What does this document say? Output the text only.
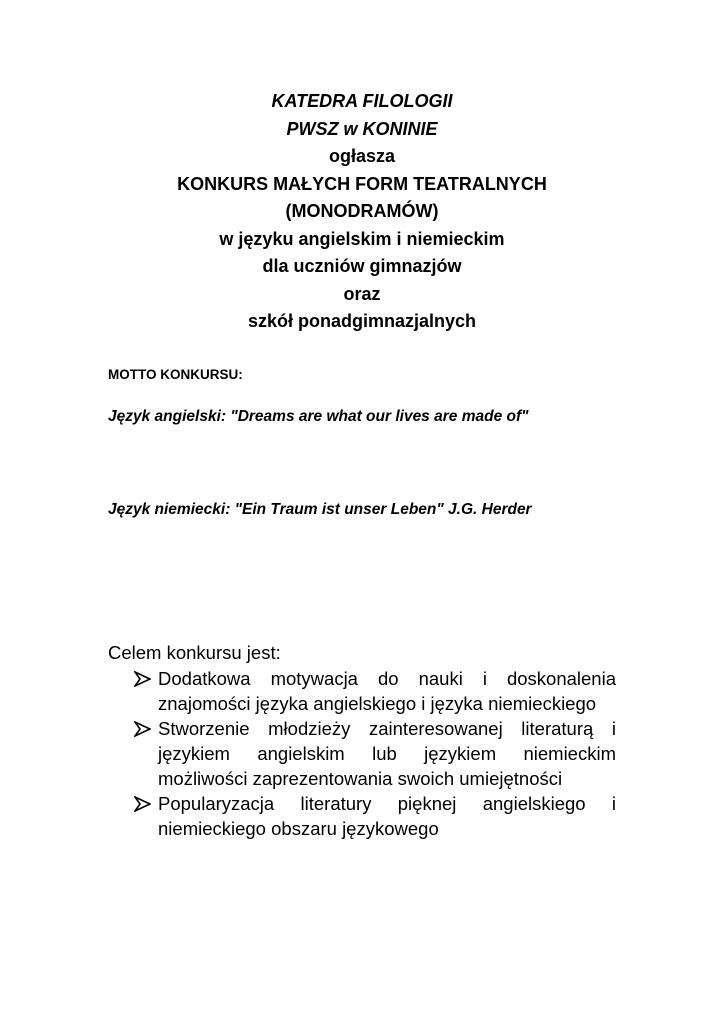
KATEDRA FILOLOGII
PWSZ w KONINIE
ogłasza
KONKURS MAŁYCH FORM TEATRALNYCH
(MONODRAMÓW)
w języku angielskim i niemieckim
dla uczniów gimnazjów
oraz
szkół ponadgimnazjalnych
MOTTO KONKURSU:
Język angielski: "Dreams are what our lives are made of"
Język niemiecki: "Ein Traum ist unser Leben" J.G. Herder
Celem konkursu jest:
Dodatkowa motywacja do nauki i doskonalenia znajomości języka angielskiego i języka niemieckiego
Stworzenie młodzieży zainteresowanej literaturą i językiem angielskim lub językiem niemieckim możliwości zaprezentowania swoich umiejętności
Popularyzacja literatury pięknej angielskiego i niemieckiego obszaru językowego
